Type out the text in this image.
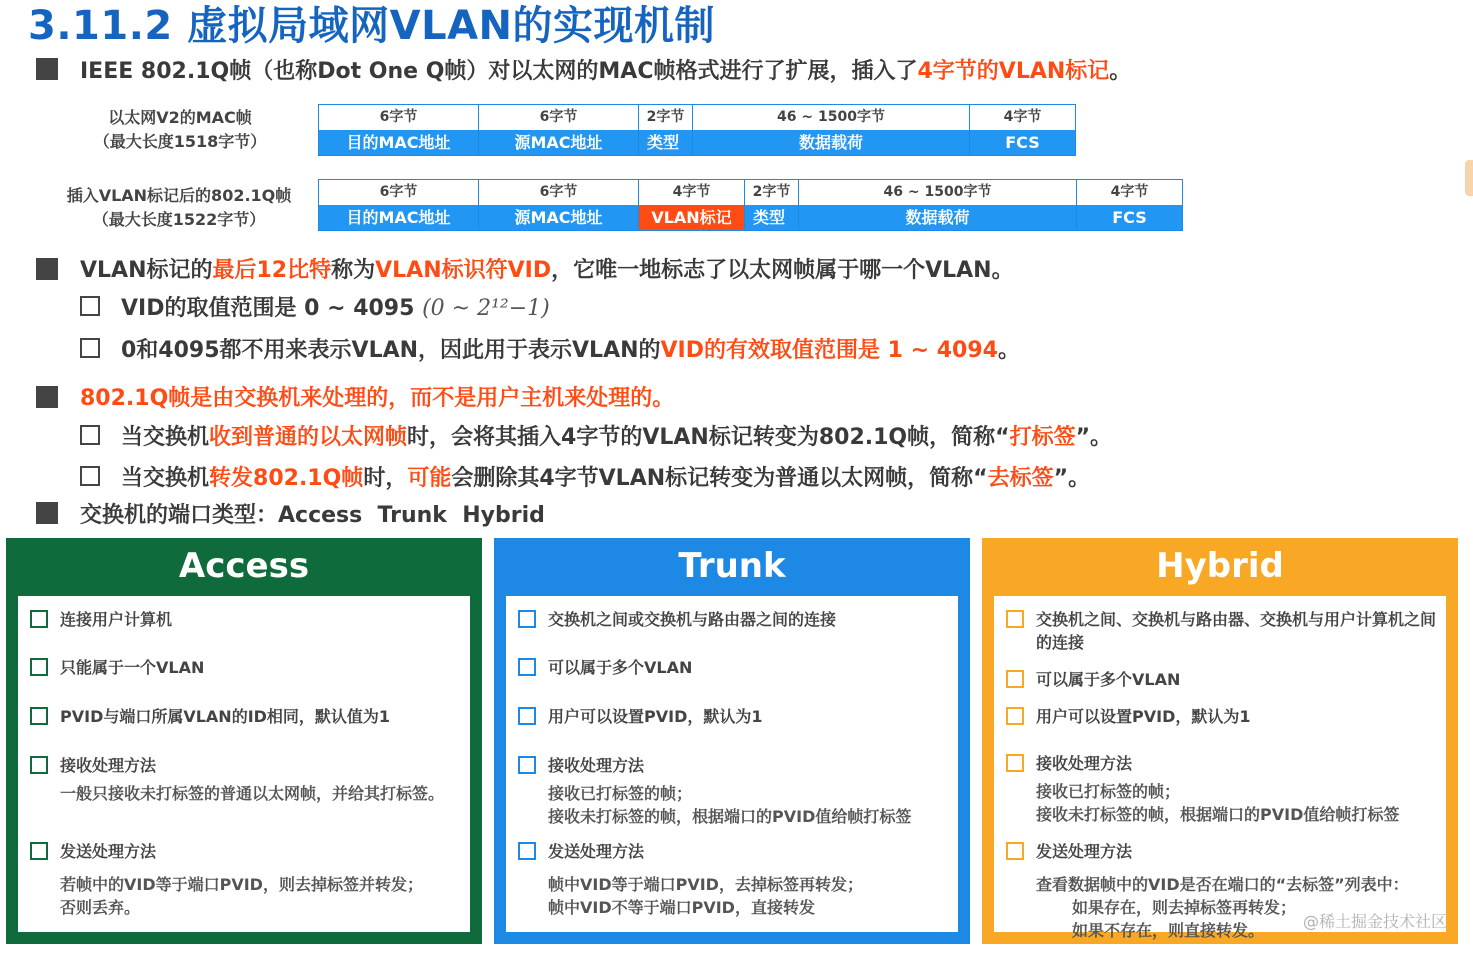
3.11.2 虚拟局域网VLAN的实现机制
IEEE 802.1Q帧（也称Dot One Q帧）对以太网的MAC帧格式进行了扩展，插入了4字节的VLAN标记。
以太网V2的MAC帧
（最大长度1518字节）
6字节
目的MAC地址
6字节
源MAC地址
2字节
类型
46 ~ 1500字节
数据载荷
4字节
FCS
插入VLAN标记后的802.1Q帧
（最大长度1522字节）
6字节
目的MAC地址
6字节
源MAC地址
4字节
VLAN标记
2字节
类型
46 ~ 1500字节
数据载荷
4字节
FCS
VLAN标记的最后12比特称为VLAN标识符VID，它唯一地标志了以太网帧属于哪一个VLAN。
VID的取值范围是 0 ~ 4095 (0 ~ 2¹²−1)
0和4095都不用来表示VLAN，因此用于表示VLAN的VID的有效取值范围是 1 ~ 4094。
802.1Q帧是由交换机来处理的，而不是用户主机来处理的。
当交换机收到普通的以太网帧时，会将其插入4字节的VLAN标记转变为802.1Q帧，简称“打标签”。
当交换机转发802.1Q帧时，可能会删除其4字节VLAN标记转变为普通以太网帧，简称“去标签”。
交换机的端口类型：Access  Trunk  Hybrid
Access
连接用户计算机
只能属于一个VLAN
PVID与端口所属VLAN的ID相同，默认值为1
接收处理方法
一般只接收未打标签的普通以太网帧，并给其打标签。
发送处理方法
若帧中的VID等于端口PVID，则去掉标签并转发；
否则丢弃。
Trunk
交换机之间或交换机与路由器之间的连接
可以属于多个VLAN
用户可以设置PVID，默认为1
接收处理方法
接收已打标签的帧；
接收未打标签的帧，根据端口的PVID值给帧打标签
发送处理方法
帧中VID等于端口PVID，去掉标签再转发；
帧中VID不等于端口PVID，直接转发
Hybrid
交换机之间、交换机与路由器、交换机与用户计算机之间的连接
可以属于多个VLAN
用户可以设置PVID，默认为1
接收处理方法
接收已打标签的帧；
接收未打标签的帧，根据端口的PVID值给帧打标签
发送处理方法
查看数据帧中的VID是否在端口的“去标签”列表中：
如果存在，则去掉标签再转发；
如果不存在，则直接转发。	@稀土掘金技术社区
